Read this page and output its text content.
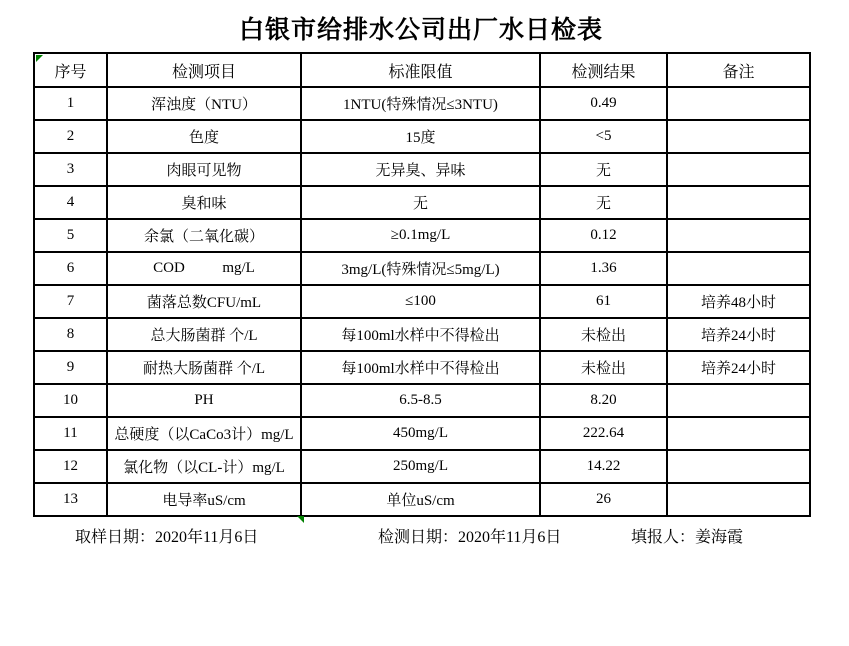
白银市给排水公司出厂水日检表
序号	检测项目	标准限值	检测结果	备注
1	浑浊度（NTU）	1NTU(特殊情况≤3NTU)	0.49	
2	色度	15度	<5	
3	肉眼可见物	无异臭、异味	无	
4	臭和味	无	无	
5	余氯（二氧化碳）	≥0.1mg/L	0.12	
6	COD          mg/L	3mg/L(特殊情况≤5mg/L)	1.36	
7	菌落总数CFU/mL	≤100	61	培养48小时
8	总大肠菌群 个/L	每100ml水样中不得检出	未检出	培养24小时
9	耐热大肠菌群 个/L	每100ml水样中不得检出	未检出	培养24小时
10	PH	6.5-8.5	8.20	
11	总硬度（以CaCo3计）mg/L	450mg/L	222.64	
12	氯化物（以CL-计）mg/L	250mg/L	14.22	
13	电导率uS/cm	单位uS/cm	26	
取样日期：2020年11月6日	检测日期：2020年11月6日	填报人：姜海霞
